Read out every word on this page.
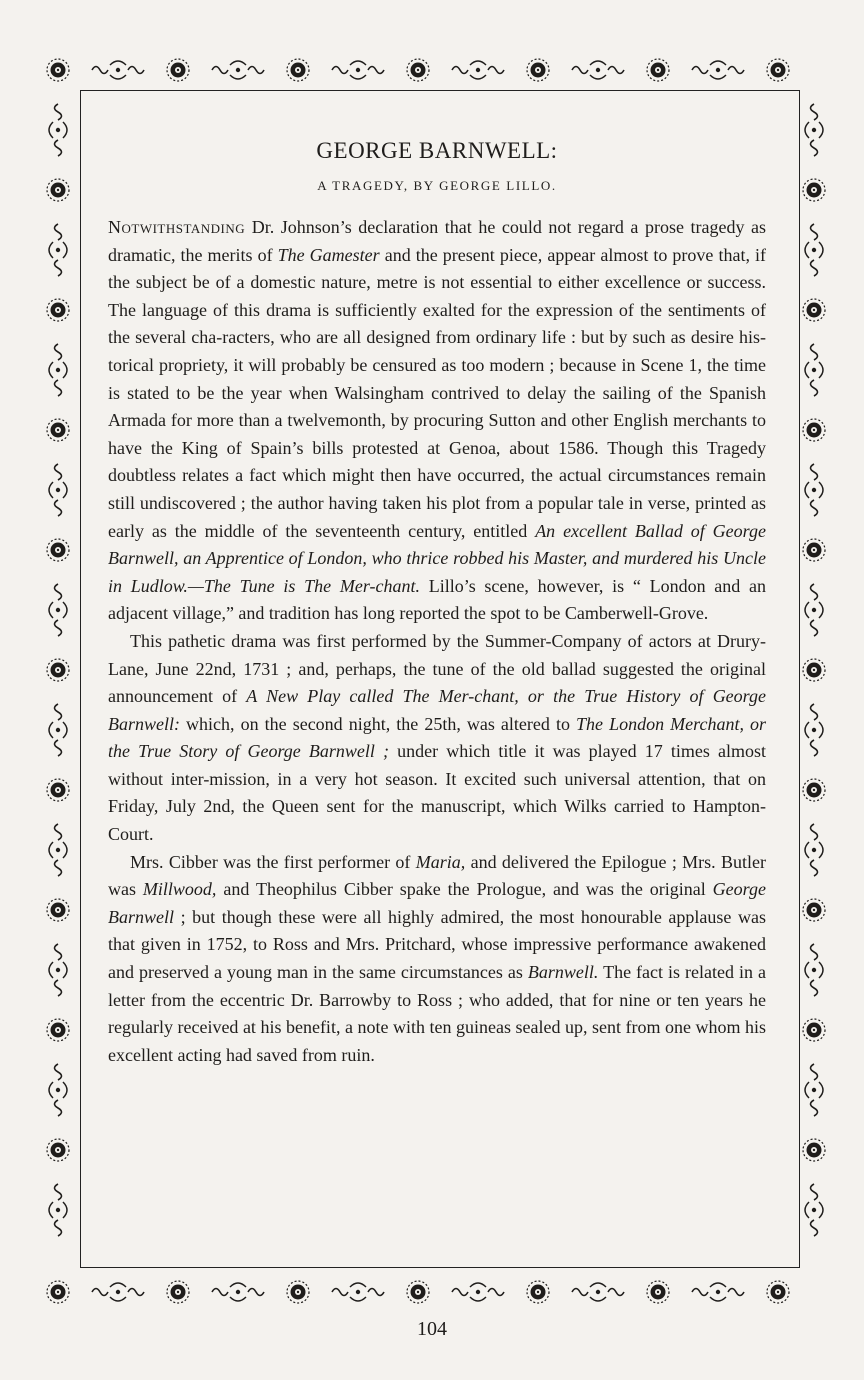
GEORGE BARNWELL:
A TRAGEDY, BY GEORGE LILLO.

Notwithstanding Dr. Johnson’s declaration that he could not regard a prose tragedy as dramatic, the merits of The Gamester and the present piece, appear almost to prove that, if the subject be of a domestic nature, metre is not essential to either excellence or success. The language of this drama is sufficiently exalted for the expression of the sentiments of the several cha-racters, who are all designed from ordinary life : but by such as desire his-torical propriety, it will probably be censured as too modern ; because in Scene 1, the time is stated to be the year when Walsingham contrived to delay the sailing of the Spanish Armada for more than a twelvemonth, by procuring Sutton and other English merchants to have the King of Spain’s bills protested at Genoa, about 1586. Though this Tragedy doubtless relates a fact which might then have occurred, the actual circumstances remain still undiscovered ; the author having taken his plot from a popular tale in verse, printed as early as the middle of the seventeenth century, entitled An excellent Ballad of George Barnwell, an Apprentice of London, who thrice robbed his Master, and murdered his Uncle in Ludlow.—The Tune is The Mer-chant. Lillo’s scene, however, is “ London and an adjacent village,” and tradition has long reported the spot to be Camberwell-Grove.

This pathetic drama was first performed by the Summer-Company of actors at Drury-Lane, June 22nd, 1731 ; and, perhaps, the tune of the old ballad suggested the original announcement of A New Play called The Mer-chant, or the True History of George Barnwell: which, on the second night, the 25th, was altered to The London Merchant, or the True Story of George Barnwell ; under which title it was played 17 times almost without inter-mission, in a very hot season. It excited such universal attention, that on Friday, July 2nd, the Queen sent for the manuscript, which Wilks carried to Hampton-Court.

Mrs. Cibber was the first performer of Maria, and delivered the Epilogue ; Mrs. Butler was Millwood, and Theophilus Cibber spake the Prologue, and was the original George Barnwell ; but though these were all highly admired, the most honourable applause was that given in 1752, to Ross and Mrs. Pritchard, whose impressive performance awakened and preserved a young man in the same circumstances as Barnwell. The fact is related in a letter from the eccentric Dr. Barrowby to Ross ; who added, that for nine or ten years he regularly received at his benefit, a note with ten guineas sealed up, sent from one whom his excellent acting had saved from ruin.

104
